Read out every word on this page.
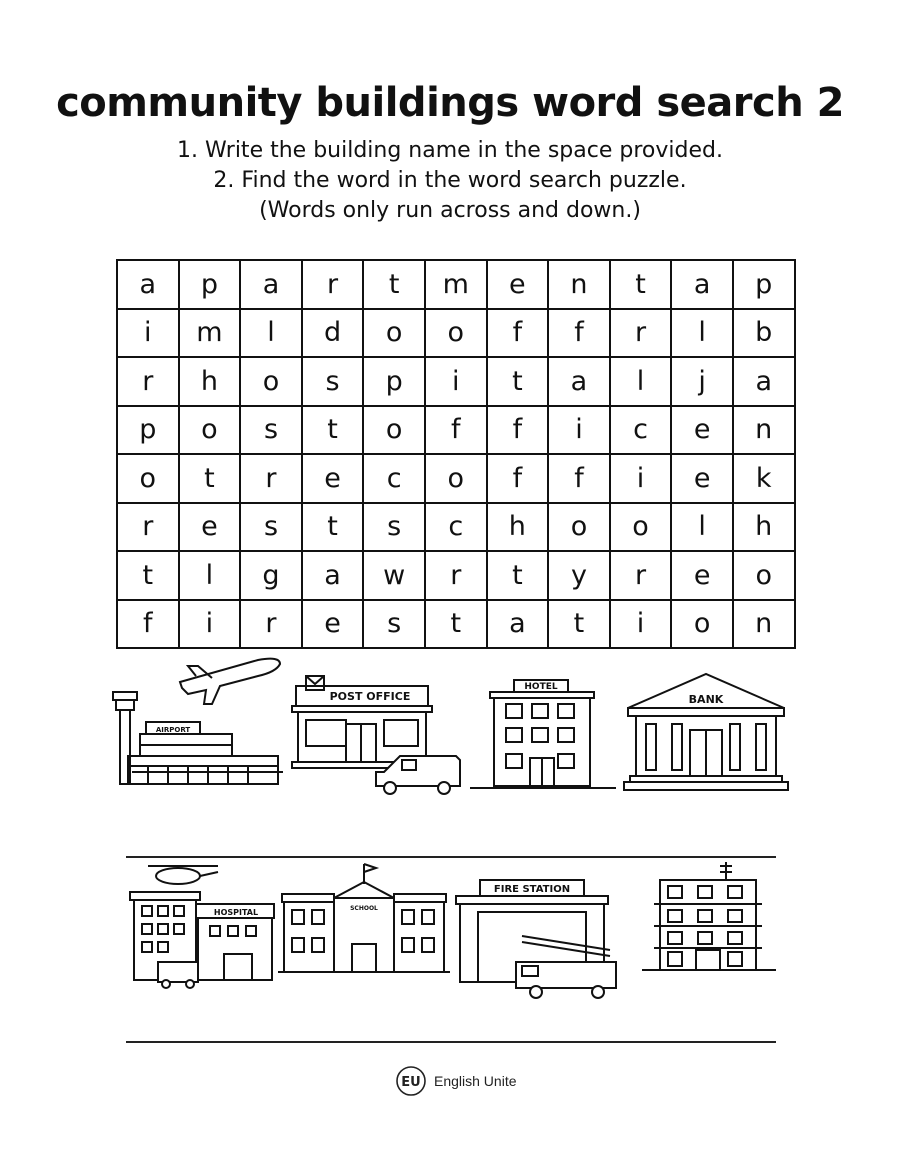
community buildings word search 2
1. Write the building name in the space provided.
2. Find the word in the word search puzzle.
(Words only run across and down.)
a	p	a	r	t	m	e	n	t	a	p
i	m	l	d	o	o	f	f	r	l	b
r	h	o	s	p	i	t	a	l	j	a
p	o	s	t	o	f	f	i	c	e	n
o	t	r	e	c	o	f	f	i	e	k
r	e	s	t	s	c	h	o	o	l	h
t	l	g	a	w	r	t	y	r	e	o
f	i	r	e	s	t	a	t	i	o	n
AIRPORT
POST OFFICE
HOTEL
BANK
HOSPITAL	SCHOOL
FIRE STATION
EU English Unite
